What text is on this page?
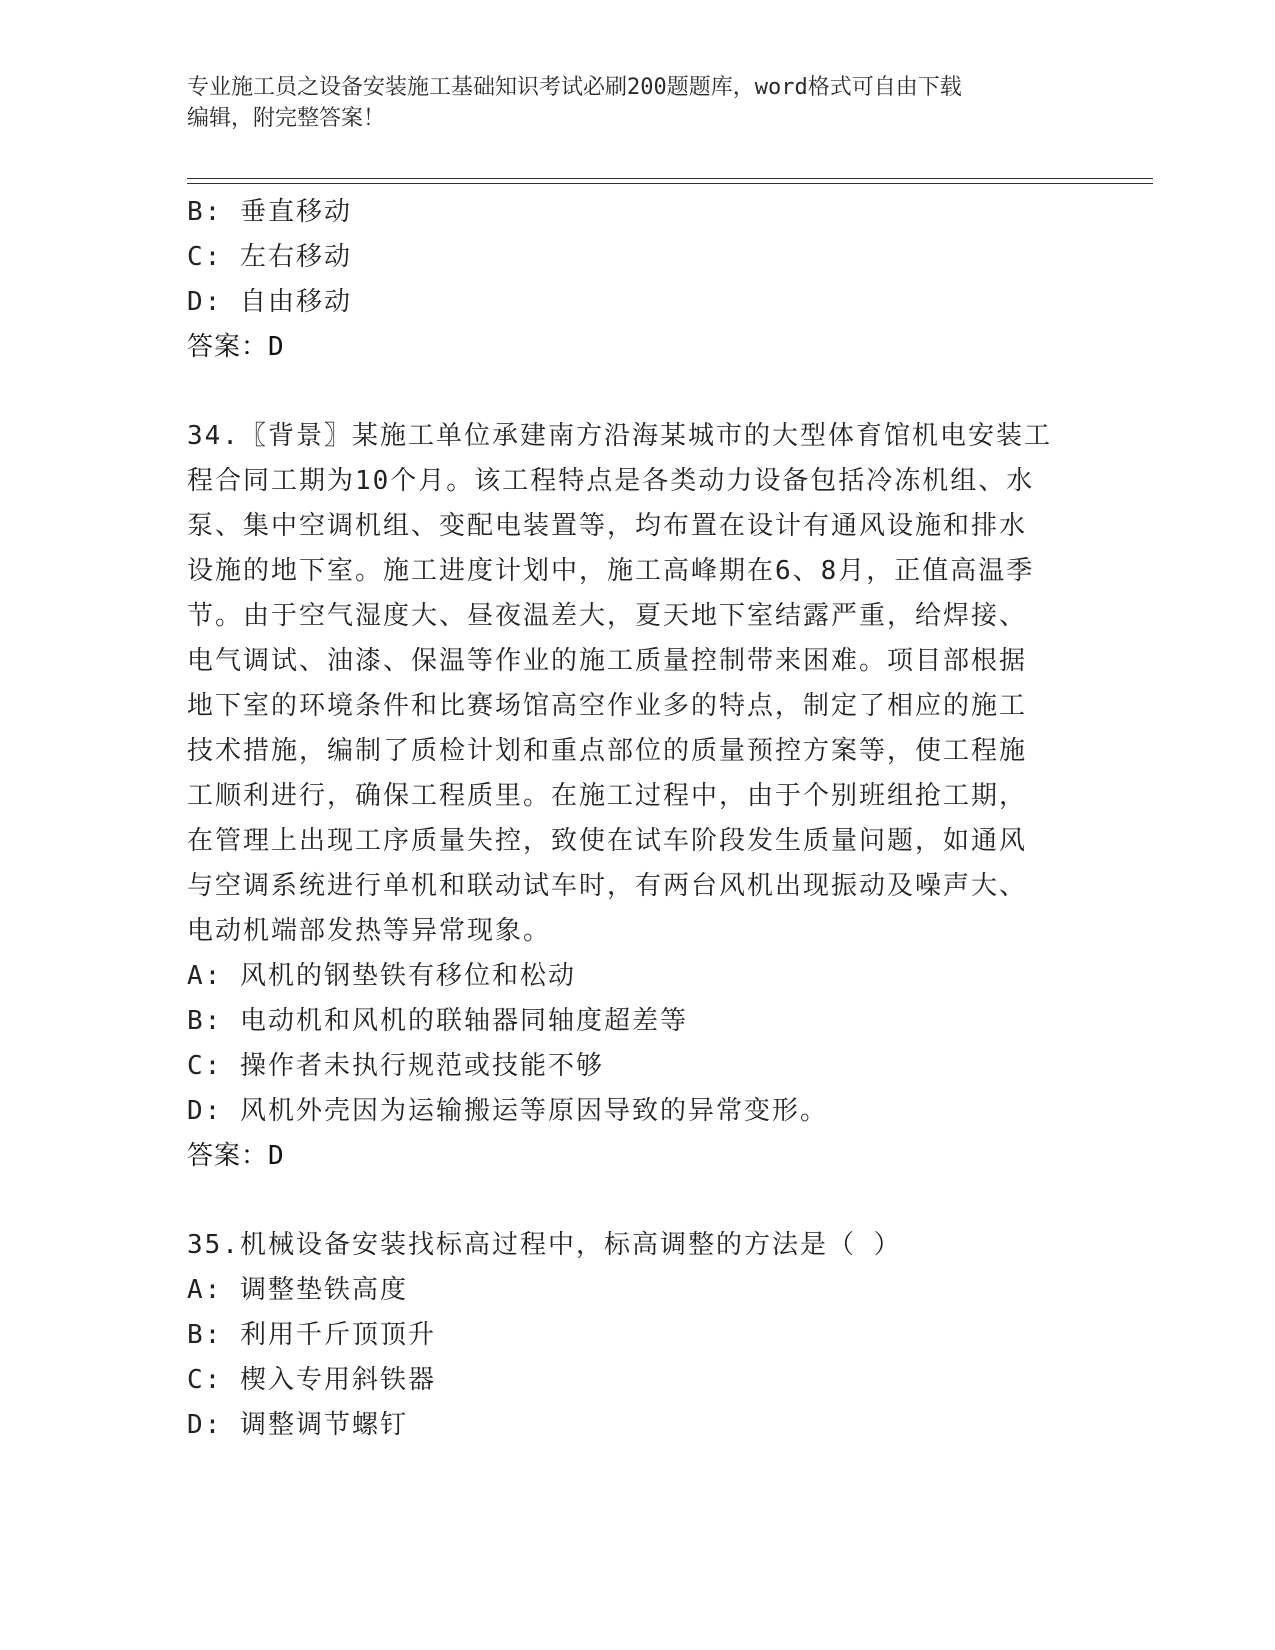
专业施工员之设备安装施工基础知识考试必刷200题题库，word格式可自由下载
编辑，附完整答案！
B: 垂直移动
C: 左右移动
D: 自由移动
答案：D
34.〖背景〗某施工单位承建南方沿海某城市的大型体育馆机电安装工
程合同工期为10个月。该工程特点是各类动力设备包括冷冻机组、水
泵、集中空调机组、变配电装置等，均布置在设计有通风设施和排水
设施的地下室。施工进度计划中，施工高峰期在6、8月，正值高温季
节。由于空气湿度大、昼夜温差大，夏天地下室结露严重，给焊接、
电气调试、油漆、保温等作业的施工质量控制带来困难。项目部根据
地下室的环境条件和比赛场馆高空作业多的特点，制定了相应的施工
技术措施，编制了质检计划和重点部位的质量预控方案等，使工程施
工顺利进行，确保工程质里。在施工过程中，由于个别班组抢工期，
在管理上出现工序质量失控，致使在试车阶段发生质量问题，如通风
与空调系统进行单机和联动试车时，有两台风机出现振动及噪声大、
电动机端部发热等异常现象。
A: 风机的钢垫铁有移位和松动
B: 电动机和风机的联轴器同轴度超差等
C: 操作者未执行规范或技能不够
D: 风机外壳因为运输搬运等原因导致的异常变形。
答案：D
35.机械设备安装找标高过程中，标高调整的方法是（ ）
A: 调整垫铁高度
B: 利用千斤顶顶升
C: 楔入专用斜铁器
D: 调整调节螺钉
